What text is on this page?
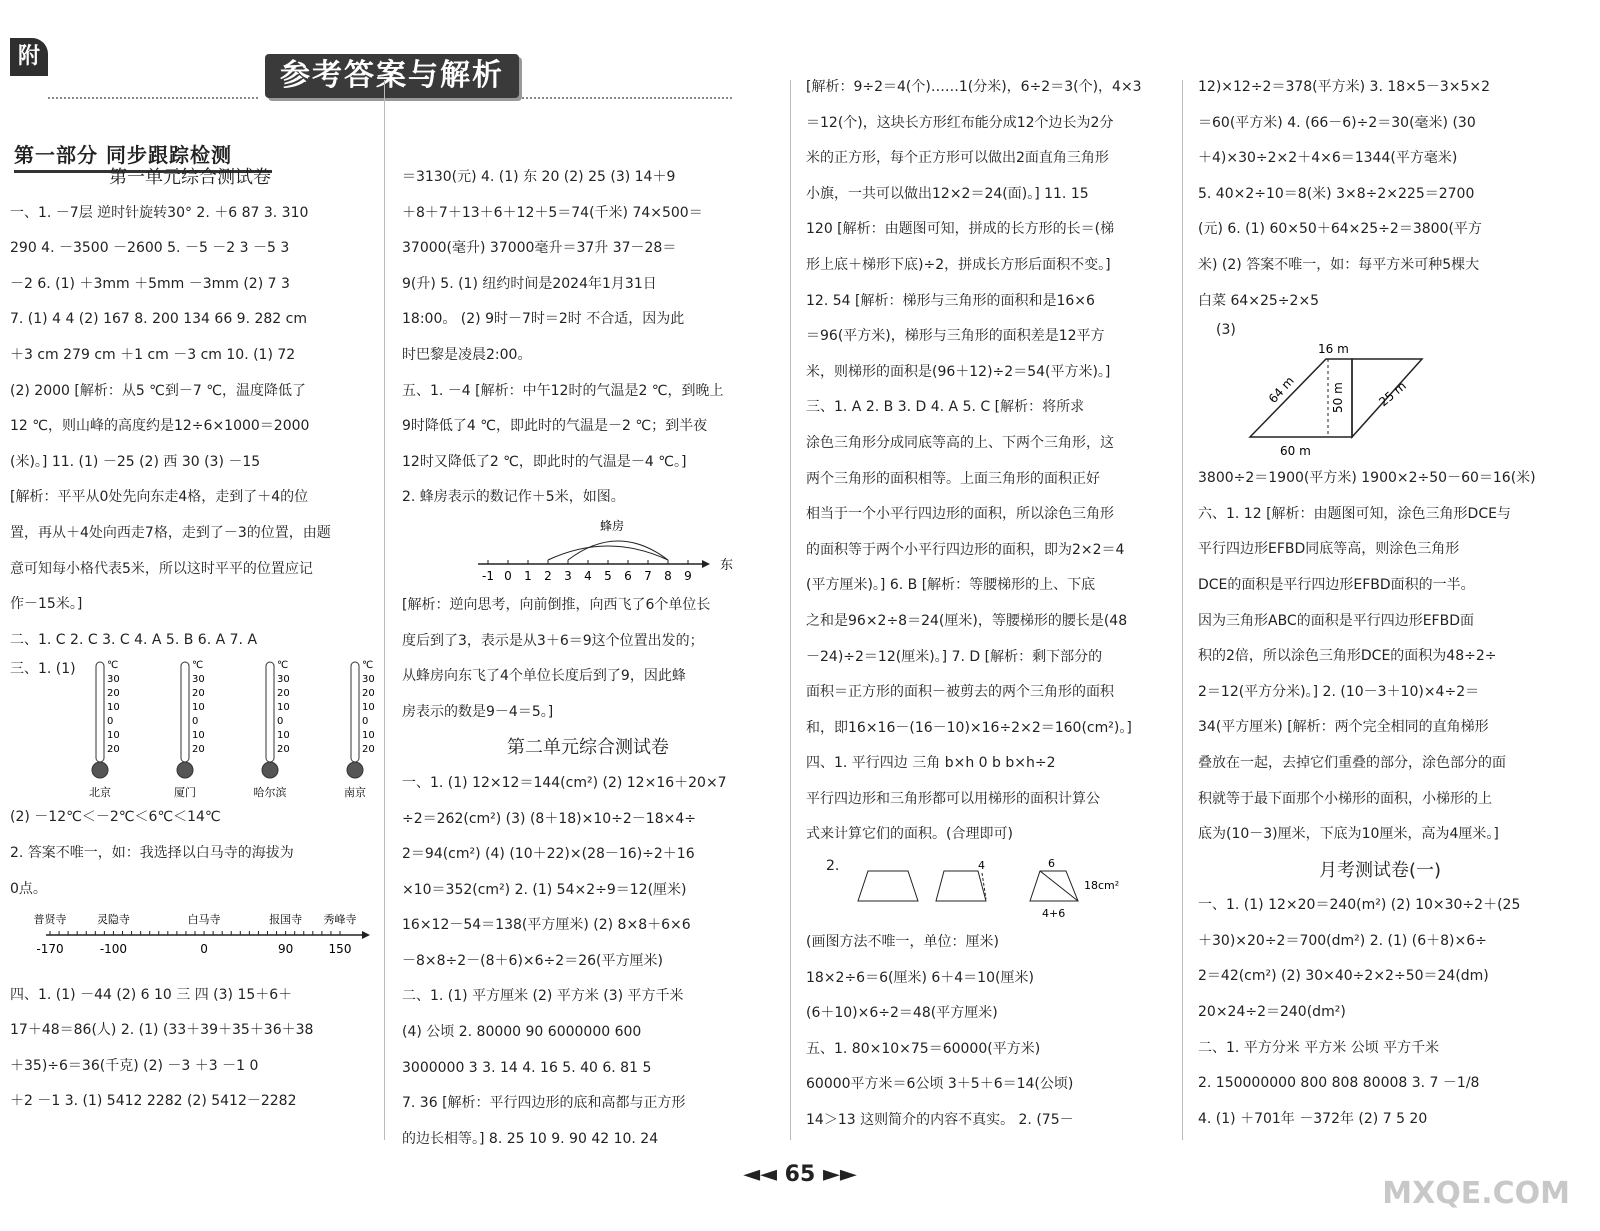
附
参考答案与解析
第一部分 同步跟踪检测

第一单元综合测试卷

一、1. －7层 逆时针旋转30° 2. ＋6 87 3. 310

290 4. －3500 －2600 5. －5 －2 3 －5 3

－2 6. (1) ＋3mm ＋5mm －3mm (2) 7 3

7. (1) 4 4 (2) 167 8. 200 134 66 9. 282 cm

＋3 cm 279 cm ＋1 cm －3 cm 10. (1) 72

(2) 2000 [解析：从5 ℃到－7 ℃，温度降低了

12 ℃，则山峰的高度约是12÷6×1000＝2000

(米)。] 11. (1) －25 (2) 西 30 (3) －15

[解析：平平从0处先向东走4格，走到了＋4的位

置，再从＋4处向西走7格，走到了－3的位置，由题

意可知每小格代表5米，所以这时平平的位置应记

作－15米。]

二、1. C 2. C 3. C 4. A 5. B 6. A 7. A

三、1. (1)	℃
30
20
10
0
10
20
北京
℃
30
20
10
0
10
20
厦门
℃
30
20
10
0
10
20
哈尔滨
℃
30
20
10
0
10
20
南京

(2) －12℃＜－2℃＜6℃＜14℃

2. 答案不唯一，如：我选择以白马寺的海拔为

0点。

白马寺
0
灵隐寺
-100
报国寺
90
普贤寺
-170
秀峰寺
150

四、1. (1) －44 (2) 6 10 三 四 (3) 15＋6＋

17＋48＝86(人) 2. (1) (33＋39＋35＋36＋38

＋35)÷6＝36(千克) (2) －3 ＋3 －1 0

＋2 －1 3. (1) 5412 2282 (2) 5412－2282

＝3130(元) 4. (1) 东 20 (2) 25 (3) 14＋9

＋8＋7＋13＋6＋12＋5＝74(千米) 74×500＝

37000(毫升) 37000毫升＝37升 37－28＝

9(升) 5. (1) 纽约时间是2024年1月31日

18:00。 (2) 9时－7时＝2时 不合适，因为此

时巴黎是凌晨2:00。

五、1. －4 [解析：中午12时的气温是2 ℃，到晚上

9时降低了4 ℃，即此时的气温是－2 ℃；到半夜

12时又降低了2 ℃，即此时的气温是－4 ℃。]

2. 蜂房表示的数记作＋5米，如图。

-1 0 1 2 3 4 5 6 7 8 9
蜂房
东

[解析：逆向思考，向前倒推，向西飞了6个单位长

度后到了3，表示是从3＋6＝9这个位置出发的；

从蜂房向东飞了4个单位长度后到了9，因此蜂

房表示的数是9－4＝5。]

第二单元综合测试卷

一、1. (1) 12×12＝144(cm²) (2) 12×16＋20×7

÷2＝262(cm²) (3) (8＋18)×10÷2－18×4÷

2＝94(cm²) (4) (10＋22)×(28－16)÷2＋16

×10＝352(cm²) 2. (1) 54×2÷9＝12(厘米)

16×12－54＝138(平方厘米) (2) 8×8＋6×6

－8×8÷2－(8＋6)×6÷2＝26(平方厘米)

二、1. (1) 平方厘米 (2) 平方米 (3) 平方千米

(4) 公顷 2. 80000 90 6000000 600

3000000 3 3. 14 4. 16 5. 40 6. 81 5

7. 36 [解析：平行四边形的底和高都与正方形

的边长相等。] 8. 25 10 9. 90 42 10. 24

[解析：9÷2＝4(个)……1(分米)，6÷2＝3(个)，4×3

＝12(个)，这块长方形红布能分成12个边长为2分

米的正方形，每个正方形可以做出2面直角三角形

小旗，一共可以做出12×2＝24(面)。] 11. 15

120 [解析：由题图可知，拼成的长方形的长＝(梯

形上底＋梯形下底)÷2，拼成长方形后面积不变。]

12. 54 [解析：梯形与三角形的面积和是16×6

＝96(平方米)，梯形与三角形的面积差是12平方

米，则梯形的面积是(96＋12)÷2＝54(平方米)。]

三、1. A 2. B 3. D 4. A 5. C [解析：将所求

涂色三角形分成同底等高的上、下两个三角形，这

两个三角形的面积相等。上面三角形的面积正好

相当于一个小平行四边形的面积，所以涂色三角形

的面积等于两个小平行四边形的面积，即为2×2＝4

(平方厘米)。] 6. B [解析：等腰梯形的上、下底

之和是96×2÷8＝24(厘米)，等腰梯形的腰长是(48

－24)÷2＝12(厘米)。] 7. D [解析：剩下部分的

面积＝正方形的面积－被剪去的两个三角形的面积

和，即16×16－(16－10)×16÷2×2＝160(cm²)。]

四、1. 平行四边 三角 b×h 0 b b×h÷2

平行四边形和三角形都可以用梯形的面积计算公

式来计算它们的面积。(合理即可)

2.	4	6
4+6
18cm²

(画图方法不唯一，单位：厘米)

18×2÷6＝6(厘米) 6＋4＝10(厘米)

(6＋10)×6÷2＝48(平方厘米)

五、1. 80×10×75＝60000(平方米)

60000平方米＝6公顷 3＋5＋6＝14(公顷)

14＞13 这则简介的内容不真实。 2. (75－

12)×12÷2＝378(平方米) 3. 18×5－3×5×2

＝60(平方米) 4. (66－6)÷2＝30(毫米) (30

＋4)×30÷2×2＋4×6＝1344(平方毫米)

5. 40×2÷10＝8(米) 3×8÷2×225＝2700

(元) 6. (1) 60×50＋64×25÷2＝3800(平方

米) (2) 答案不唯一，如：每平方米可种5棵大

白菜 64×25÷2×5

(3)
16 m
64 m	50 m	25 m
60 m

3800÷2＝1900(平方米) 1900×2÷50－60＝16(米)

六、1. 12 [解析：由题图可知，涂色三角形DCE与

平行四边形EFBD同底等高，则涂色三角形

DCE的面积是平行四边形EFBD面积的一半。

因为三角形ABC的面积是平行四边形EFBD面

积的2倍，所以涂色三角形DCE的面积为48÷2÷

2＝12(平方分米)。] 2. (10－3＋10)×4÷2＝

34(平方厘米) [解析：两个完全相同的直角梯形

叠放在一起，去掉它们重叠的部分，涂色部分的面

积就等于最下面那个小梯形的面积，小梯形的上

底为(10－3)厘米，下底为10厘米，高为4厘米。]

月考测试卷(一)

一、1. (1) 12×20＝240(m²) (2) 10×30÷2＋(25

＋30)×20÷2＝700(dm²) 2. (1) (6＋8)×6÷

2＝42(cm²) (2) 30×40÷2×2÷50＝24(dm)

20×24÷2＝240(dm²)

二、1. 平方分米 平方米 公顷 平方千米

2. 150000000 800 808 80008 3. 7 －1/8

4. (1) ＋701年 －372年 (2) 7 5 20

◄◄ 65 ►►
MXQE.COM
